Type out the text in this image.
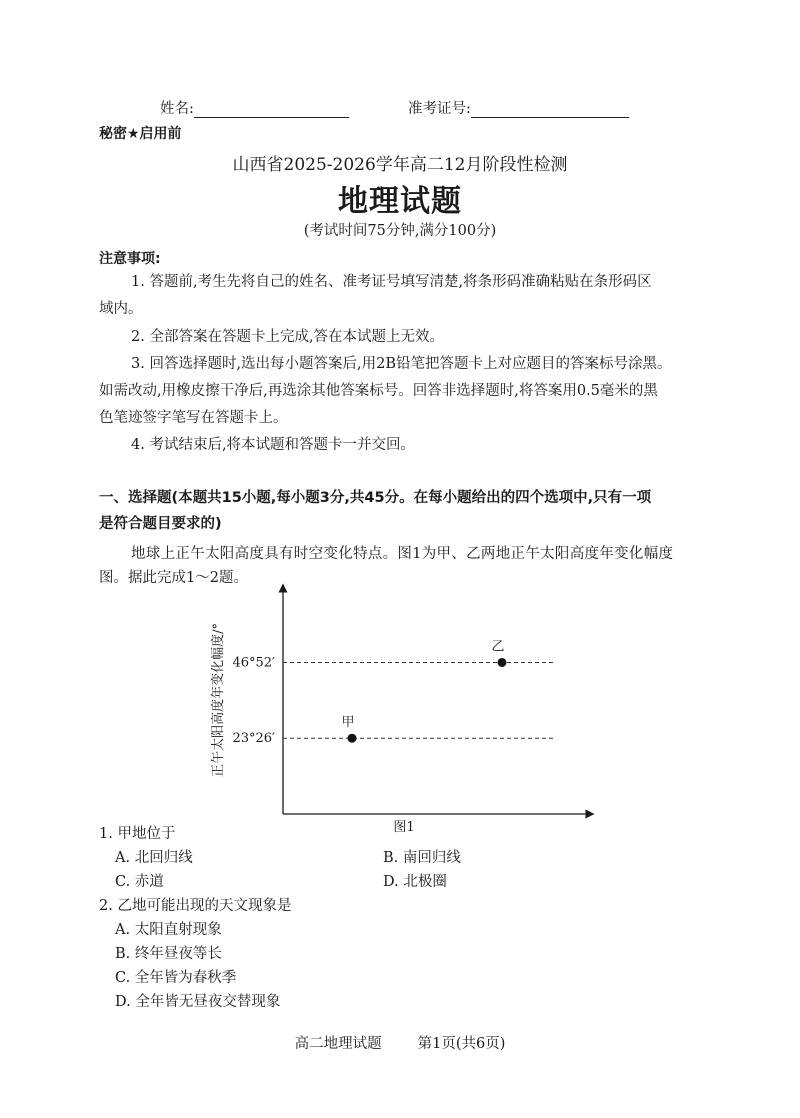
姓名:	准考证号:
秘密★启用前
山西省2025-2026学年高二12月阶段性检测
地理试题
(考试时间75分钟,满分100分)
注意事项:
1. 答题前,考生先将自己的姓名、准考证号填写清楚,将条形码准确粘贴在条形码区
域内。
2. 全部答案在答题卡上完成,答在本试题上无效。
3. 回答选择题时,选出每小题答案后,用2B铅笔把答题卡上对应题目的答案标号涂黑。
如需改动,用橡皮擦干净后,再选涂其他答案标号。回答非选择题时,将答案用0.5毫米的黑
色笔迹签字笔写在答题卡上。
4. 考试结束后,将本试题和答题卡一并交回。
一、选择题(本题共15小题,每小题3分,共45分。在每小题给出的四个选项中,只有一项
是符合题目要求的)
地球上正午太阳高度具有时空变化特点。图1为甲、乙两地正午太阳高度年变化幅度
图。据此完成1～2题。
46°52′
23°26′
甲
乙
正午太阳高度年变化幅度/°
图1
1. 甲地位于
A. 北回归线	B. 南回归线
C. 赤道	D. 北极圈
2. 乙地可能出现的天文现象是
A. 太阳直射现象
B. 终年昼夜等长
C. 全年皆为春秋季
D. 全年皆无昼夜交替现象
高二地理试题 第1页(共6页)
